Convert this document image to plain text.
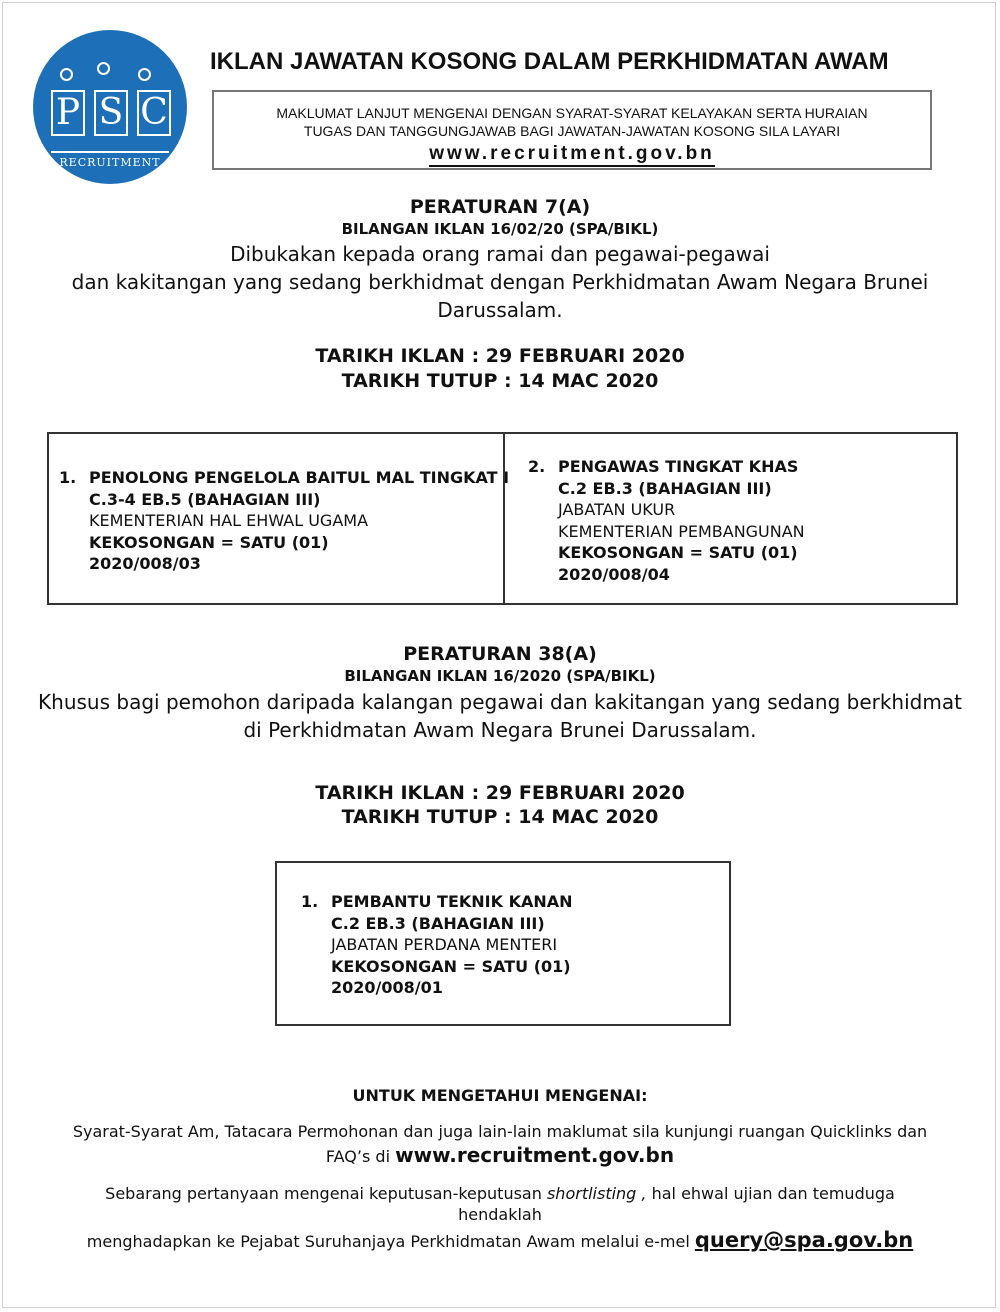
P S C
RECRUITMENT
IKLAN JAWATAN KOSONG DALAM PERKHIDMATAN AWAM
MAKLUMAT LANJUT MENGENAI DENGAN SYARAT-SYARAT KELAYAKAN SERTA HURAIAN
TUGAS DAN TANGGUNGJAWAB BAGI JAWATAN-JAWATAN KOSONG SILA LAYARI
www.recruitment.gov.bn
PERATURAN 7(A)
BILANGAN IKLAN 16/02/20 (SPA/BIKL)
Dibukakan kepada orang ramai dan pegawai-pegawai
dan kakitangan yang sedang berkhidmat dengan Perkhidmatan Awam Negara Brunei
Darussalam.
TARIKH IKLAN : 29 FEBRUARI 2020
TARIKH TUTUP : 14 MAC 2020
1. PENOLONG PENGELOLA BAITUL MAL TINGKAT I
C.3-4 EB.5 (BAHAGIAN III)
KEMENTERIAN HAL EHWAL UGAMA
KEKOSONGAN = SATU (01)
2020/008/03
2. PENGAWAS TINGKAT KHAS
C.2 EB.3 (BAHAGIAN III)
JABATAN UKUR
KEMENTERIAN PEMBANGUNAN
KEKOSONGAN = SATU (01)
2020/008/04
PERATURAN 38(A)
BILANGAN IKLAN 16/2020 (SPA/BIKL)
Khusus bagi pemohon daripada kalangan pegawai dan kakitangan yang sedang berkhidmat
di Perkhidmatan Awam Negara Brunei Darussalam.
TARIKH IKLAN : 29 FEBRUARI 2020
TARIKH TUTUP : 14 MAC 2020
1. PEMBANTU TEKNIK KANAN
C.2 EB.3 (BAHAGIAN III)
JABATAN PERDANA MENTERI
KEKOSONGAN = SATU (01)
2020/008/01
UNTUK MENGETAHUI MENGENAI:
Syarat-Syarat Am, Tatacara Permohonan dan juga lain-lain maklumat sila kunjungi ruangan Quicklinks dan
FAQ’s di www.recruitment.gov.bn
Sebarang pertanyaan mengenai keputusan-keputusan shortlisting , hal ehwal ujian dan temuduga
hendaklah
menghadapkan ke Pejabat Suruhanjaya Perkhidmatan Awam melalui e-mel query@spa.gov.bn
